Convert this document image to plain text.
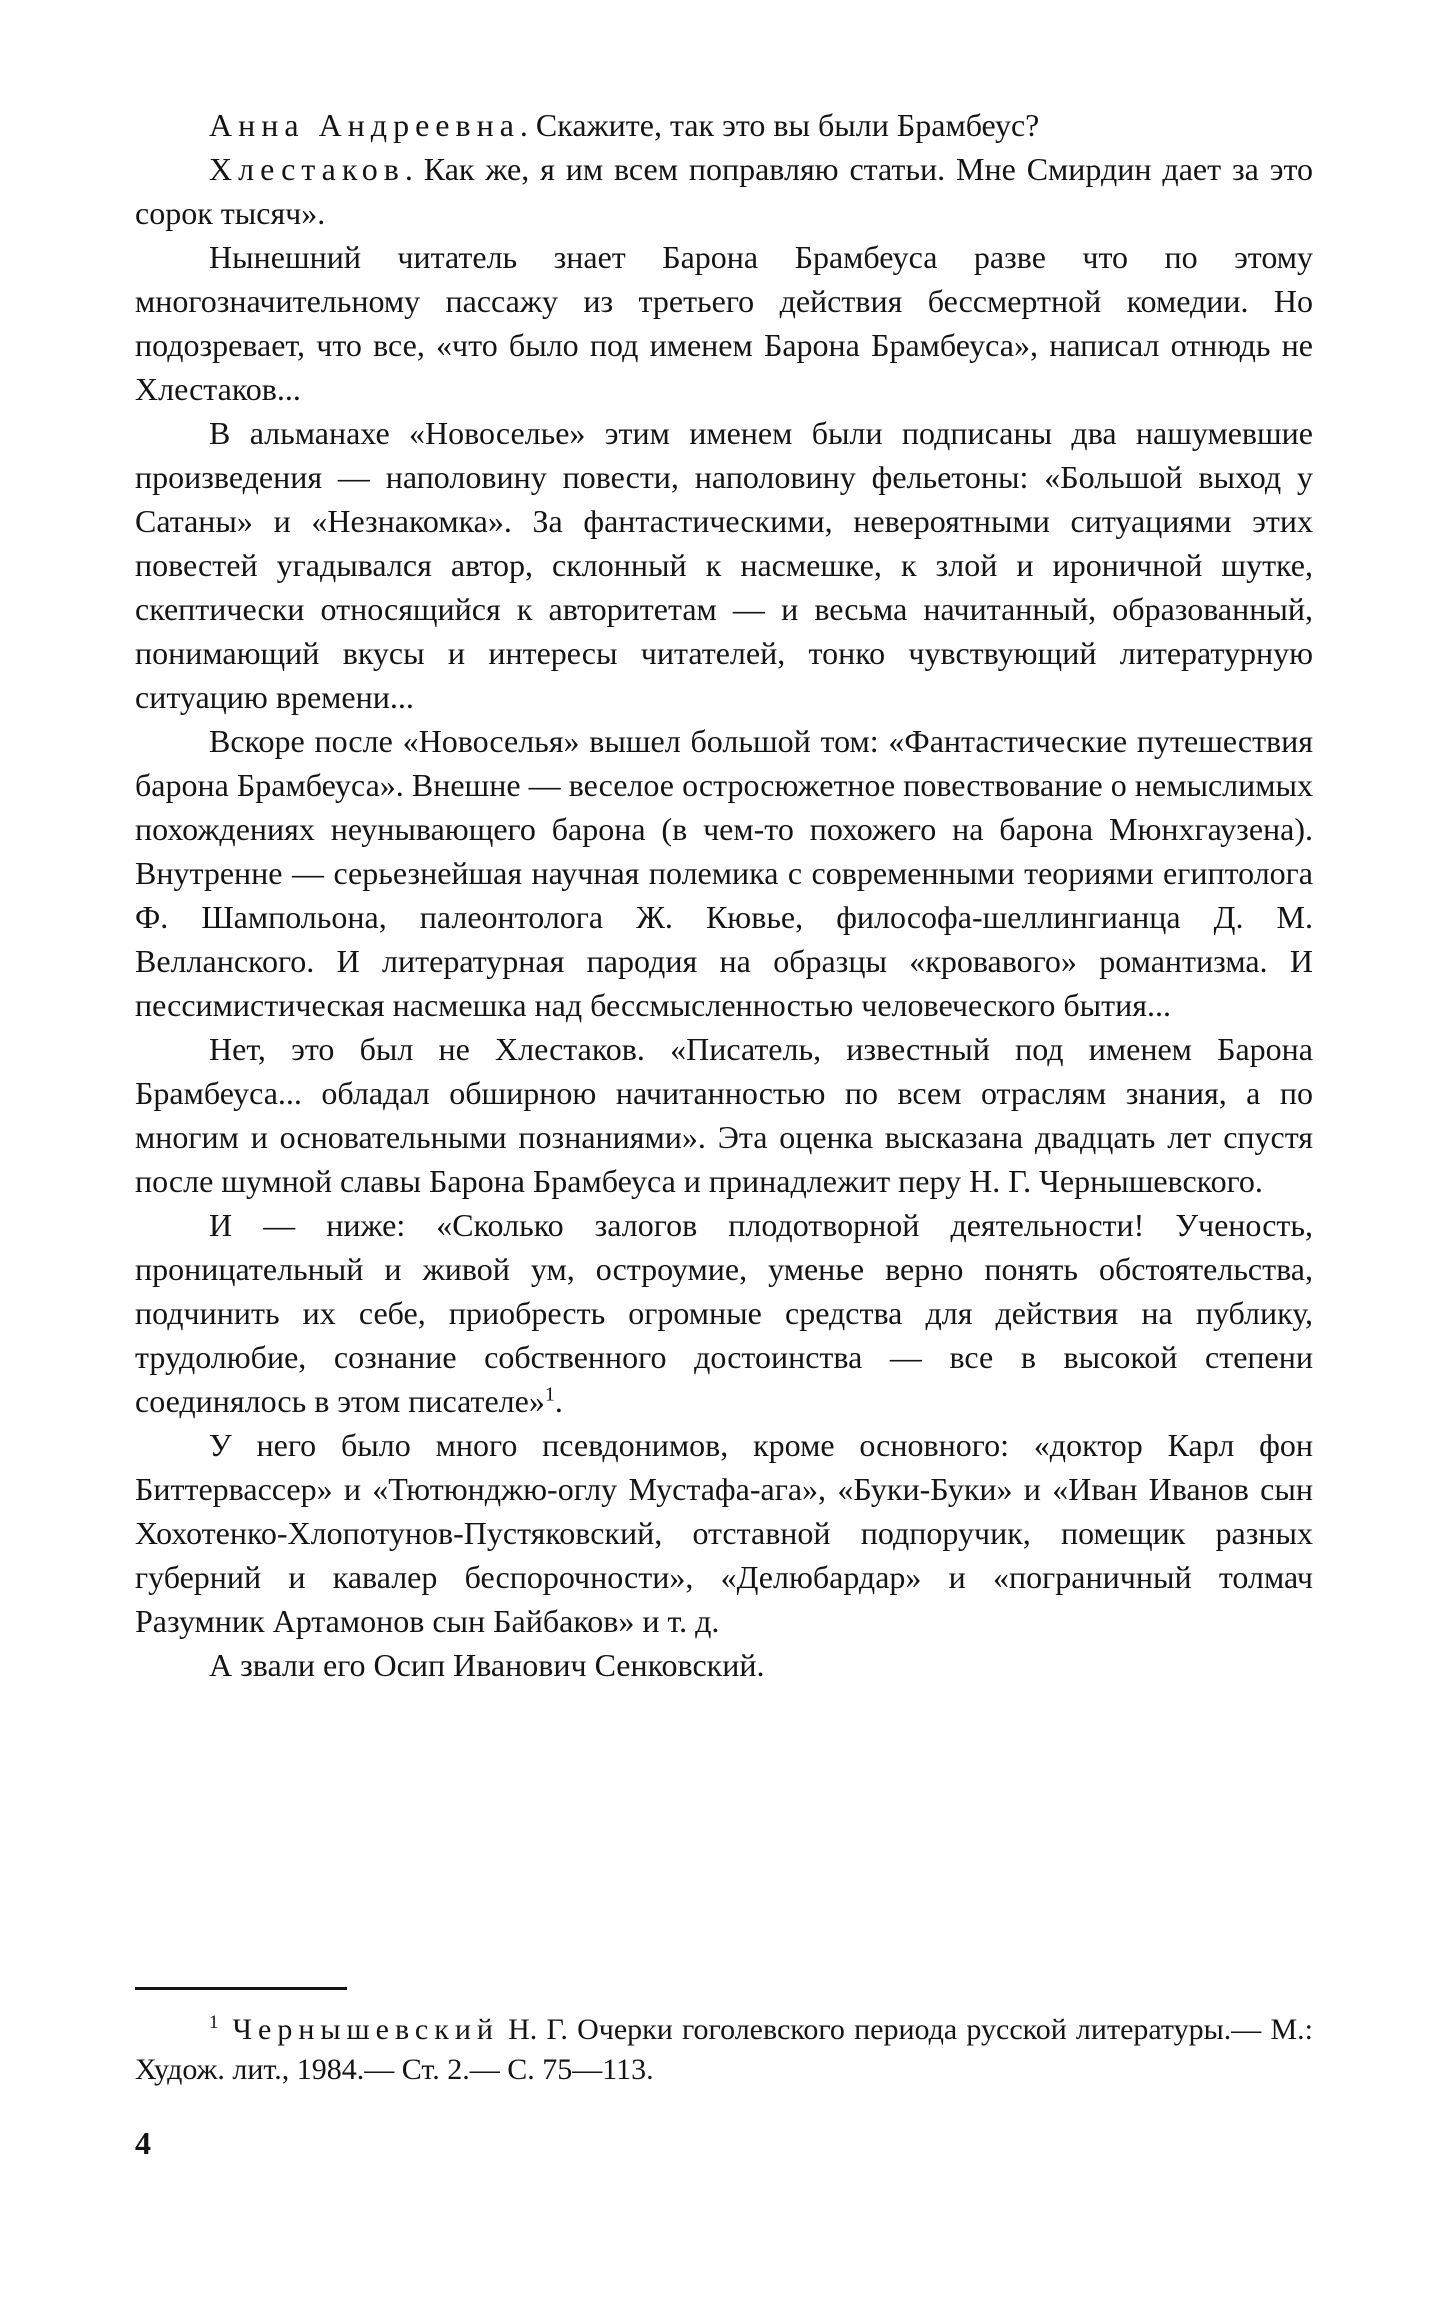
Анна Андреевна. Скажите, так это вы были Брамбеус?

Хлестаков. Как же, я им всем поправляю статьи. Мне Смирдин дает за это сорок тысяч».

Нынешний читатель знает Барона Брамбеуса разве что по этому многозначительному пассажу из третьего действия бессмертной комедии. Но подозревает, что все, «что было под именем Барона Брамбеуса», написал отнюдь не Хлестаков...

В альманахе «Новоселье» этим именем были подписаны два нашумевшие произведения — наполовину повести, наполовину фельетоны: «Большой выход у Сатаны» и «Незнакомка». За фантастическими, невероятными ситуациями этих повестей угадывался автор, склонный к насмешке, к злой и ироничной шутке, скептически относящийся к авторитетам — и весьма начитанный, образованный, понимающий вкусы и интересы читателей, тонко чувствующий литературную ситуацию времени...

Вскоре после «Новоселья» вышел большой том: «Фантастические путешествия барона Брамбеуса». Внешне — веселое остросюжетное повествование о немыслимых похождениях неунывающего барона (в чем-то похожего на барона Мюнхгаузена). Внутренне — серьезнейшая научная полемика с современными теориями египтолога Ф. Шампольона, палеонтолога Ж. Кювье, философа-шеллингианца Д. М. Велланского. И литературная пародия на образцы «кровавого» романтизма. И пессимистическая насмешка над бессмысленностью человеческого бытия...

Нет, это был не Хлестаков. «Писатель, известный под именем Барона Брамбеуса... обладал обширною начитанностью по всем отраслям знания, а по многим и основательными познаниями». Эта оценка высказана двадцать лет спустя после шумной славы Барона Брамбеуса и принадлежит перу Н. Г. Чернышевского.

И — ниже: «Сколько залогов плодотворной деятельности! Ученость, проницательный и живой ум, остроумие, уменье верно понять обстоятельства, подчинить их себе, приобресть огромные средства для действия на публику, трудолюбие, сознание собственного достоинства — все в высокой степени соединялось в этом писателе»$^1$.

У него было много псевдонимов, кроме основного: «доктор Карл фон Биттервассер» и «Тютюнджю-оглу Мустафа-ага», «Буки-Буки» и «Иван Иванов сын Хохотенко-Хлопотунов-Пустяковский, отставной подпоручик, помещик разных губерний и кавалер беспорочности», «Делюбардар» и «пограничный толмач Разумник Артамонов сын Байбаков» и т. д.

А звали его Осип Иванович Сенковский.

$^1$ Чернышевский Н. Г. Очерки гоголевского периода русской литературы.— М.: Худож. лит., 1984.— Ст. 2.— С. 75—113.

4
